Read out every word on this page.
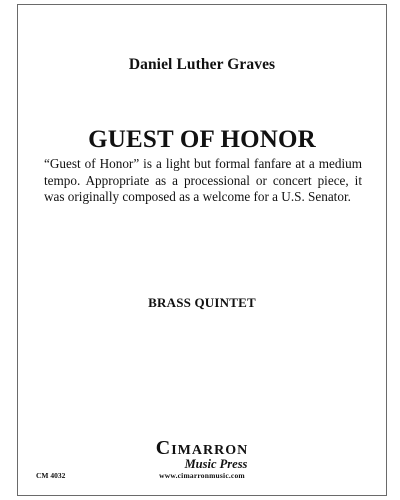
Daniel Luther Graves
GUEST OF HONOR
“Guest of Honor” is a light but formal fanfare at a medium tempo. Appropriate as a processional or concert piece, it was originally composed as a welcome for a U.S. Senator.
BRASS QUINTET
CIMARRON
Music Press
www.cimarronmusic.com
CM 4032
